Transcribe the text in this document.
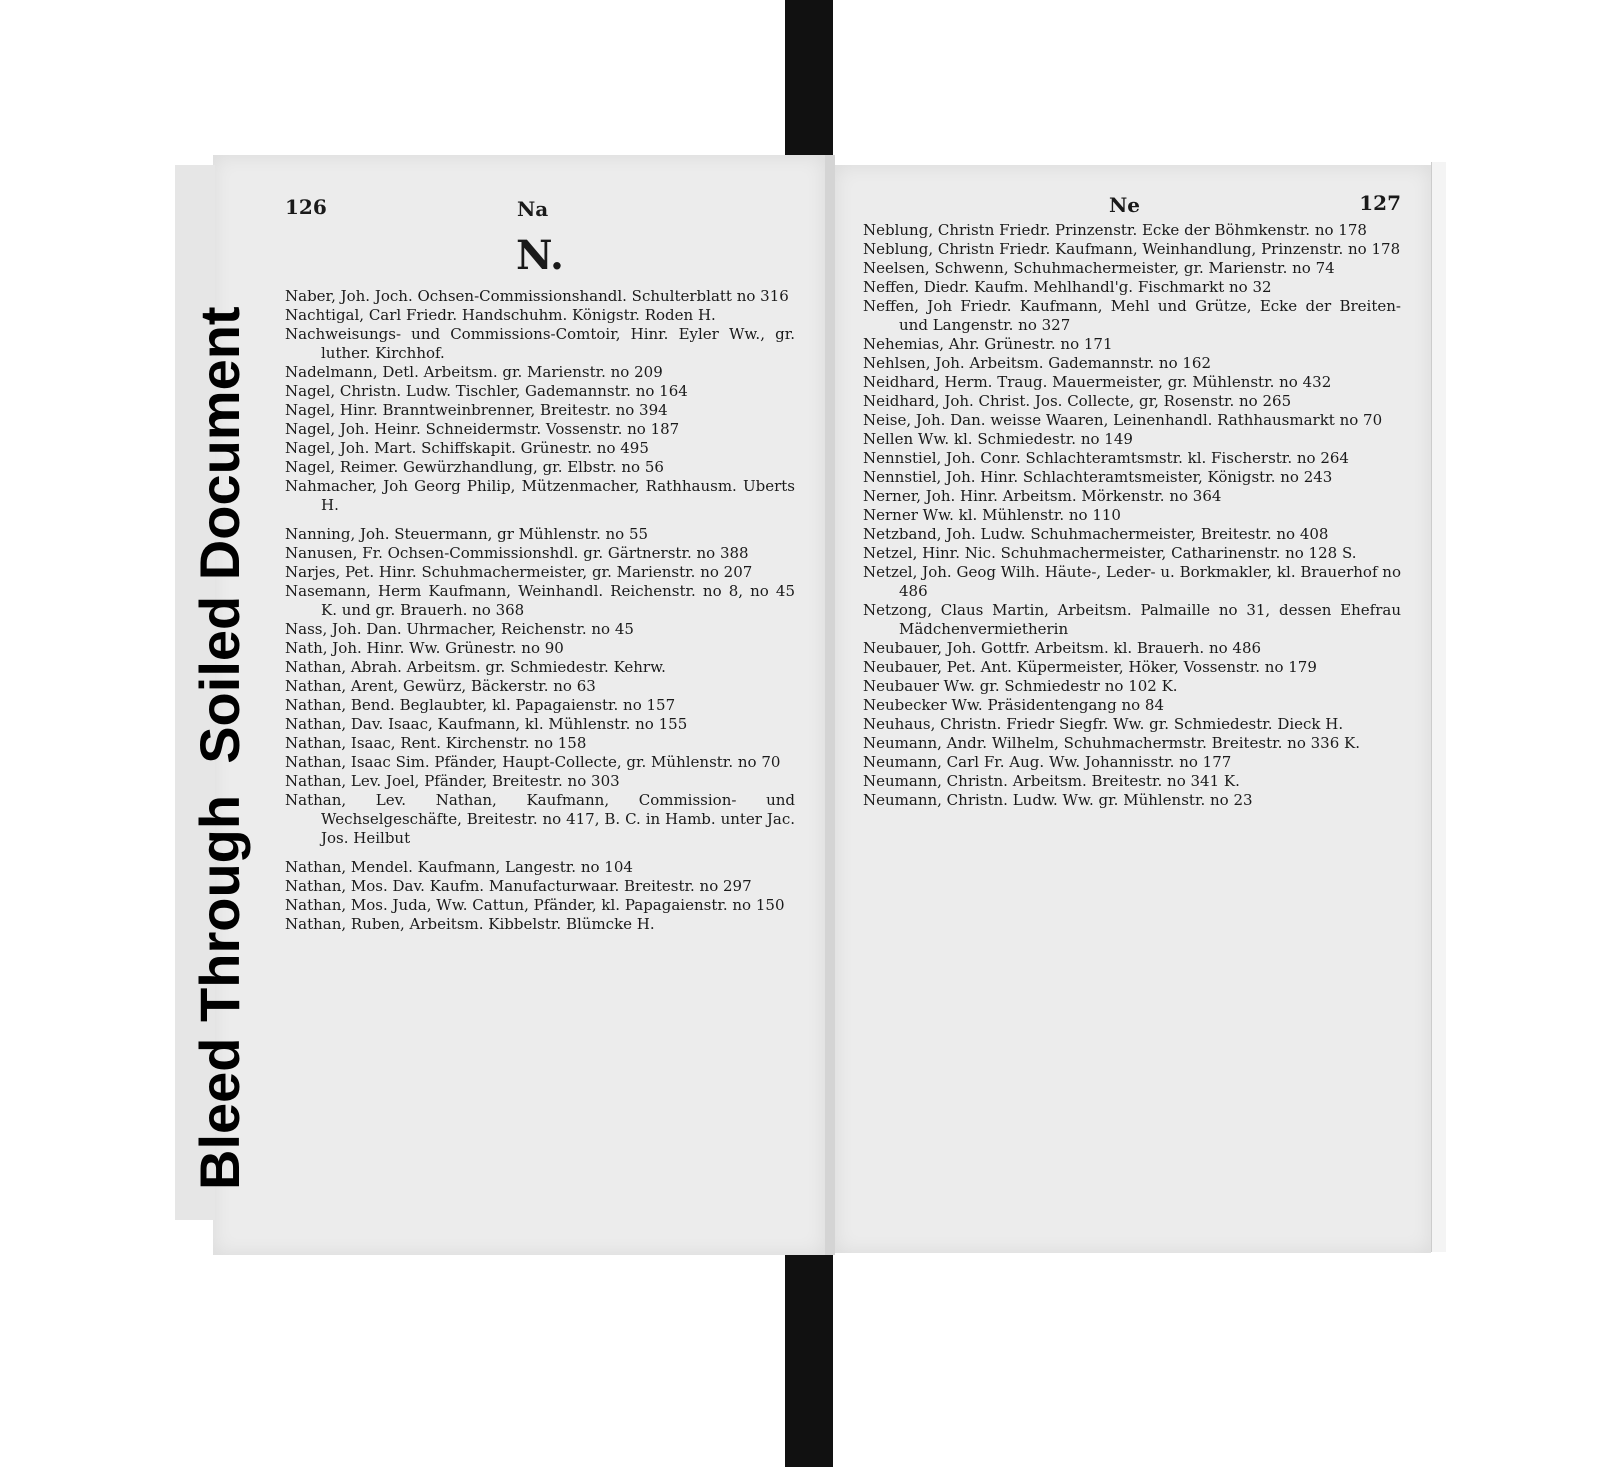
126	Na
N.
Naber, Joh. Joch. Ochsen-Commissionshandl. Schulterblatt no 316
Nachtigal, Carl Friedr. Handschuhm. Königstr. Roden H.
Nachweisungs- und Commissions-Comtoir, Hinr. Eyler Ww., gr. luther. Kirchhof.
Nadelmann, Detl. Arbeitsm. gr. Marienstr. no 209
Nagel, Christn. Ludw. Tischler, Gademannstr. no 164
Nagel, Hinr. Branntweinbrenner, Breitestr. no 394
Nagel, Joh. Heinr. Schneidermstr. Vossenstr. no 187
Nagel, Joh. Mart. Schiffskapit. Grünestr. no 495
Nagel, Reimer. Gewürzhandlung, gr. Elbstr. no 56
Nahmacher, Joh Georg Philip, Mützenmacher, Rathhausm. Uberts H.
Nanning, Joh. Steuermann, gr Mühlenstr. no 55
Nanusen, Fr. Ochsen-Commissionshdl. gr. Gärtnerstr. no 388
Narjes, Pet. Hinr. Schuhmachermeister, gr. Marienstr. no 207
Nasemann, Herm Kaufmann, Weinhandl. Reichenstr. no 8, no 45 K. und gr. Brauerh. no 368
Nass, Joh. Dan. Uhrmacher, Reichenstr. no 45
Nath, Joh. Hinr. Ww. Grünestr. no 90
Nathan, Abrah. Arbeitsm. gr. Schmiedestr. Kehrw.
Nathan, Arent, Gewürz, Bäckerstr. no 63
Nathan, Bend. Beglaubter, kl. Papagaienstr. no 157
Nathan, Dav. Isaac, Kaufmann, kl. Mühlenstr. no 155
Nathan, Isaac, Rent. Kirchenstr. no 158
Nathan, Isaac Sim. Pfänder, Haupt-Collecte, gr. Mühlenstr. no 70
Nathan, Lev. Joel, Pfänder, Breitestr. no 303
Nathan, Lev. Nathan, Kaufmann, Commission- und Wechselgeschäfte, Breitestr. no 417, B. C. in Hamb. unter Jac. Jos. Heilbut
Nathan, Mendel. Kaufmann, Langestr. no 104
Nathan, Mos. Dav. Kaufm. Manufacturwaar. Breitestr. no 297
Nathan, Mos. Juda, Ww. Cattun, Pfänder, kl. Papagaienstr. no 150
Nathan, Ruben, Arbeitsm. Kibbelstr. Blümcke H.
Ne	127
Neblung, Christn Friedr. Prinzenstr. Ecke der Böhmkenstr. no 178
Neblung, Christn Friedr. Kaufmann, Weinhandlung, Prinzenstr. no 178
Neelsen, Schwenn, Schuhmachermeister, gr. Marienstr. no 74
Neffen, Diedr. Kaufm. Mehlhandl'g. Fischmarkt no 32
Neffen, Joh Friedr. Kaufmann, Mehl und Grütze, Ecke der Breiten- und Langenstr. no 327
Nehemias, Ahr. Grünestr. no 171
Nehlsen, Joh. Arbeitsm. Gademannstr. no 162
Neidhard, Herm. Traug. Mauermeister, gr. Mühlenstr. no 432
Neidhard, Joh. Christ. Jos. Collecte, gr, Rosenstr. no 265
Neise, Joh. Dan. weisse Waaren, Leinenhandl. Rathhausmarkt no 70
Nellen Ww. kl. Schmiedestr. no 149
Nennstiel, Joh. Conr. Schlachteramtsmstr. kl. Fischerstr. no 264
Nennstiel, Joh. Hinr. Schlachteramtsmeister, Königstr. no 243
Nerner, Joh. Hinr. Arbeitsm. Mörkenstr. no 364
Nerner Ww. kl. Mühlenstr. no 110
Netzband, Joh. Ludw. Schuhmachermeister, Breitestr. no 408
Netzel, Hinr. Nic. Schuhmachermeister, Catharinenstr. no 128 S.
Netzel, Joh. Geog Wilh. Häute-, Leder- u. Borkmakler, kl. Brauerhof no 486
Netzong, Claus Martin, Arbeitsm. Palmaille no 31, dessen Ehefrau Mädchenvermietherin
Neubauer, Joh. Gottfr. Arbeitsm. kl. Brauerh. no 486
Neubauer, Pet. Ant. Küpermeister, Höker, Vossenstr. no 179
Neubauer Ww. gr. Schmiedestr no 102 K.
Neubecker Ww. Präsidentengang no 84
Neuhaus, Christn. Friedr Siegfr. Ww. gr. Schmiedestr. Dieck H.
Neumann, Andr. Wilhelm, Schuhmachermstr. Breitestr. no 336 K.
Neumann, Carl Fr. Aug. Ww. Johannisstr. no 177
Neumann, Christn. Arbeitsm. Breitestr. no 341 K.
Neumann, Christn. Ludw. Ww. gr. Mühlenstr. no 23
Bleed Through  Soiled Document
